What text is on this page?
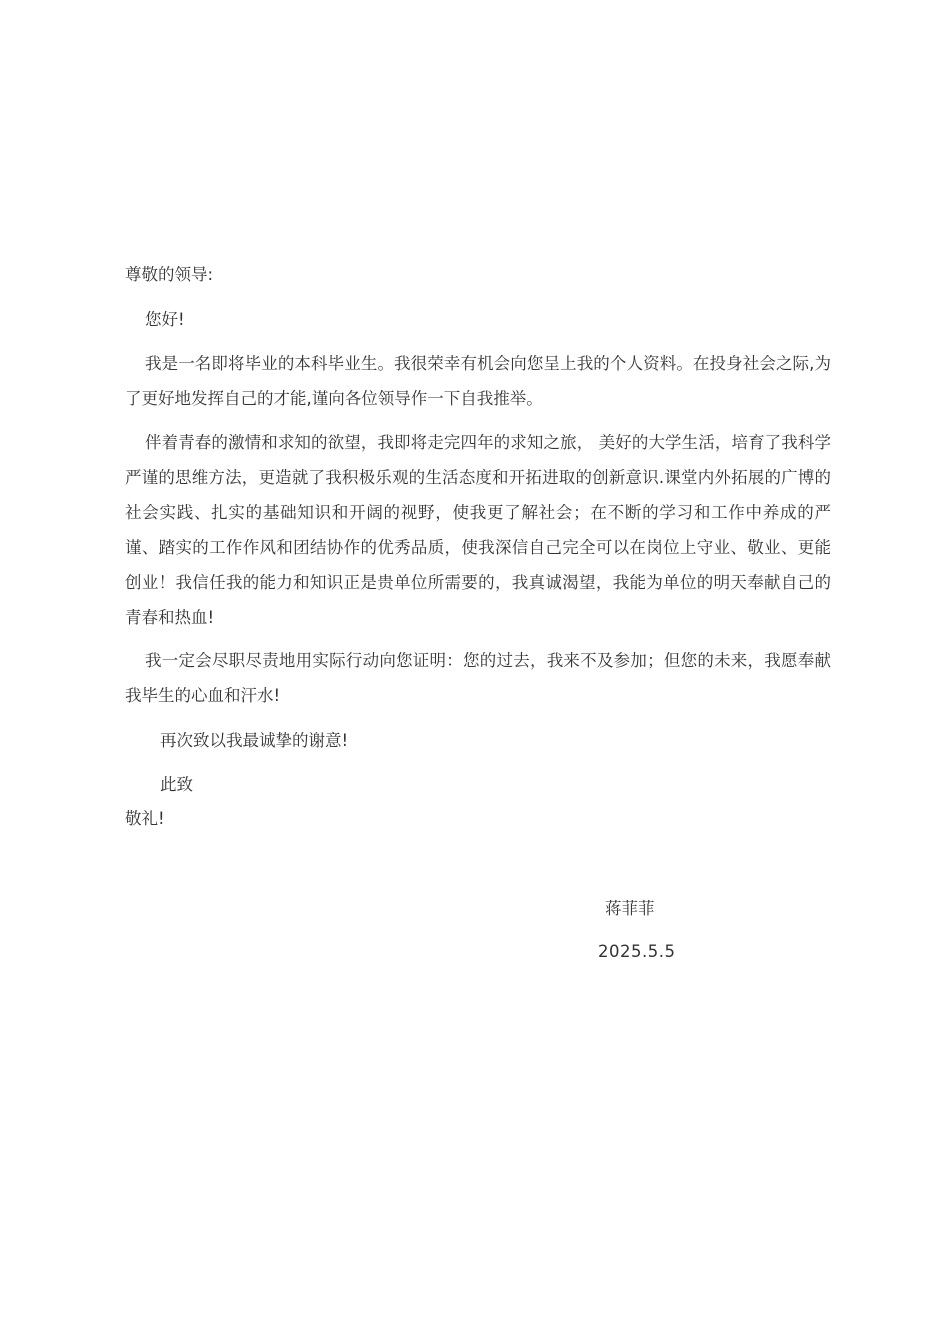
尊敬的领导:
您好!

我是一名即将毕业的本科毕业生。我很荣幸有机会向您呈上我的个人资料。在投身社会之际,为了更好地发挥自己的才能,谨向各位领导作一下自我推举。

伴着青春的激情和求知的欲望，我即将走完四年的求知之旅， 美好的大学生活，培育了我科学严谨的思维方法，更造就了我积极乐观的生活态度和开拓进取的创新意识.课堂内外拓展的广博的社会实践、扎实的基础知识和开阔的视野，使我更了解社会；在不断的学习和工作中养成的严谨、踏实的工作作风和团结协作的优秀品质，使我深信自己完全可以在岗位上守业、敬业、更能创业！我信任我的能力和知识正是贵单位所需要的，我真诚渴望，我能为单位的明天奉献自己的青春和热血!

我一定会尽职尽责地用实际行动向您证明：您的过去，我来不及参加；但您的未来，我愿奉献我毕生的心血和汗水!

再次致以我最诚挚的谢意!
此致
敬礼!
蒋菲菲
2025.5.5
